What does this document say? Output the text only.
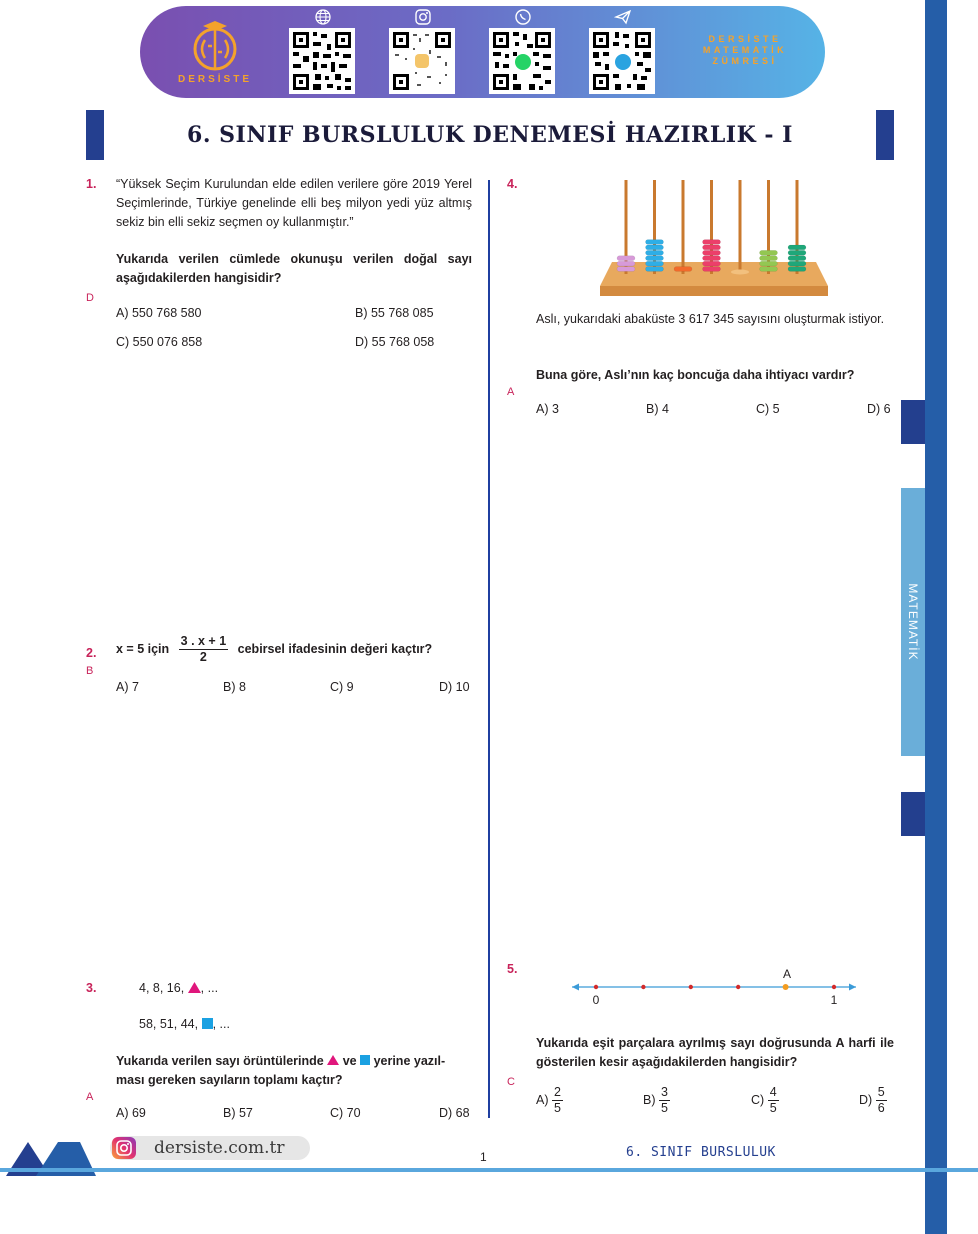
DERSİSTE
DERSİSTE
MATEMATİK
ZÜMRESİ
6. SINIF BURSLULUK DENEMESİ HAZIRLIK - I
MATEMATİK
1. “Yüksek Seçim Kurulundan elde edilen verilere göre 2019 Yerel Seçimlerinde, Türkiye genelinde elli beş milyon yedi yüz altmış sekiz bin elli sekiz seçmen oy kullanmıştır.”
Yukarıda verilen cümlede okunuşu verilen doğal sayı aşağıdakilerden hangisidir?
D
A) 550 768 580	B) 55 768 085
C) 550 076 858	D) 55 768 058
2. x = 5 için $\frac{3 . x + 1}{2}$ cebirsel ifadesinin değeri kaçtır?
B
A) 7	B) 8	C) 9	D) 10
3.	4, 8, 16, , ...
58, 51, 44, , ...
Yukarıda verilen sayı örüntülerinde ve yerine yazıl-
ması gereken sayıların toplamı kaçtır?
A
A) 69	B) 57	C) 70	D) 68
4.
Aslı, yukarıdaki abaküste 3 617 345 sayısını oluşturmak istiyor.
Buna göre, Aslı’nın kaç boncuğa daha ihtiyacı vardır?
A
A) 3	B) 4	C) 5	D) 6
5.	A
0	1
Yukarıda eşit parçalara ayrılmış sayı doğrusunda A harfi ile gösterilen kesir aşağıdakilerden hangisidir?
C
$A) \frac{2}{5}$	$B) \frac{3}{5}$	$C) \frac{4}{5}$	$D) \frac{5}{6}$
dersiste.com.tr	1	6. SINIF BURSLULUK
